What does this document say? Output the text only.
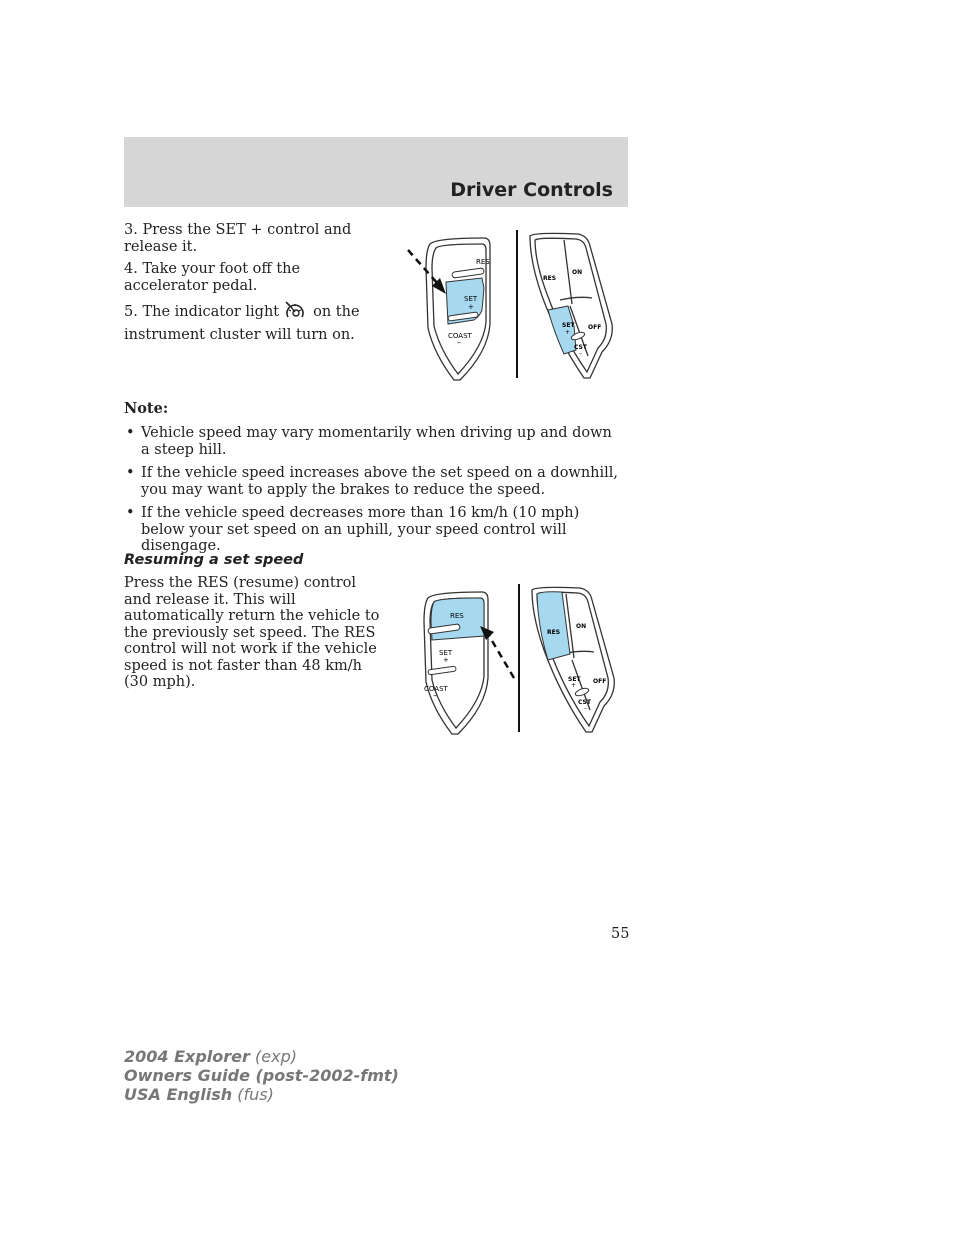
Driver Controls

3. Press the SET + control and release it.

4. Take your foot off the accelerator pedal.

5. The indicator light on the instrument cluster will turn on.

RES
SET
+
COAST
–
RES
ON
SET
+
OFF
CST
–
Note:
• Vehicle speed may vary momentarily when driving up and down a steep hill.
• If the vehicle speed increases above the set speed on a downhill, you may want to apply the brakes to reduce the speed.
• If the vehicle speed decreases more than 16 km/h (10 mph) below your set speed on an uphill, your speed control will disengage.
Resuming a set speed
Press the RES (resume) control and release it. This will automatically return the vehicle to the previously set speed. The RES control will not work if the vehicle speed is not faster than 48 km/h (30 mph).
RES
SET
+
COAST
–
RES
ON
SET
+
OFF
CST
–
55
2004 Explorer (exp)
Owners Guide (post-2002-fmt)
USA English (fus)
